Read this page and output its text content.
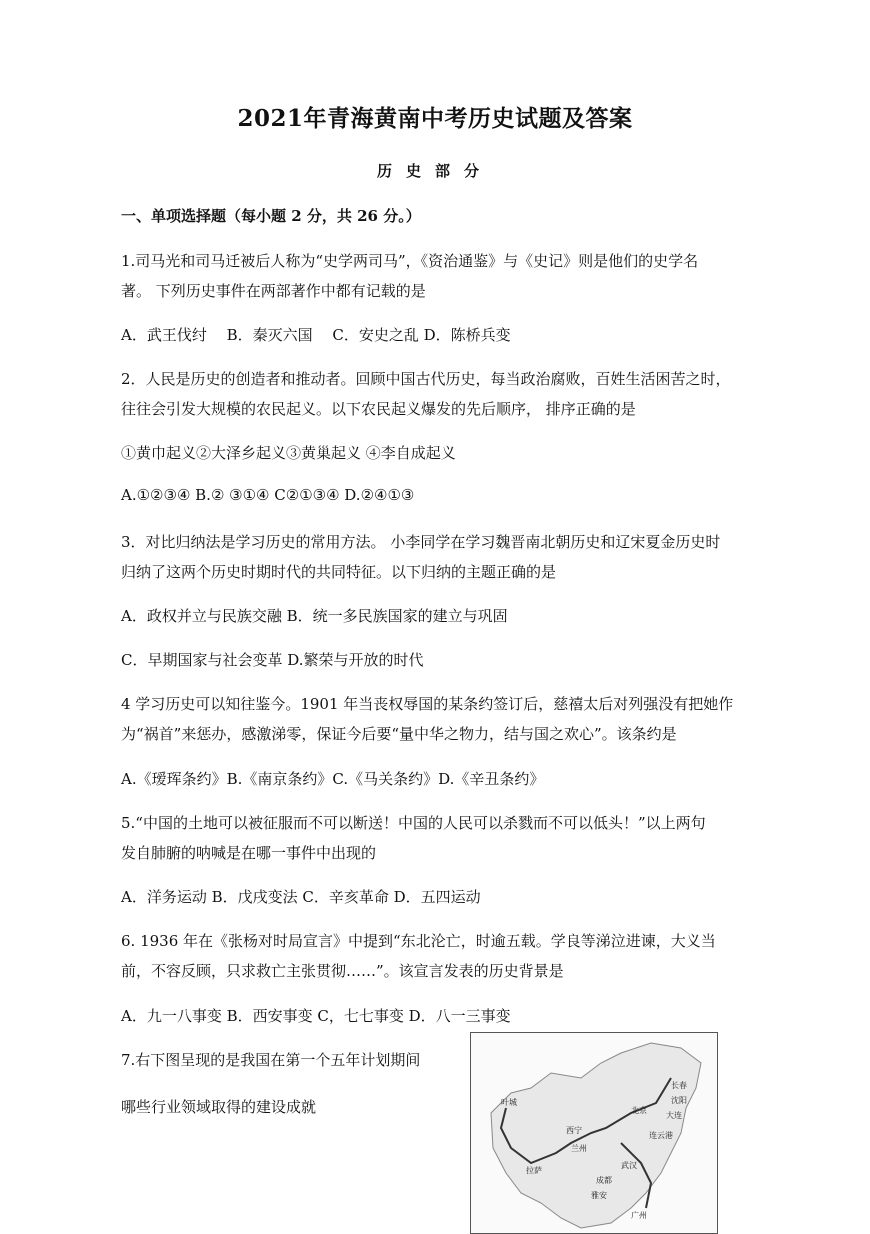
2021年青海黄南中考历史试题及答案
历史部分
一、单项选择题（每小题 2 分，共 26 分。）
1.司马光和司马迁被后人称为“史学两司马”，《资治通鉴》与《史记》则是他们的史学名
著。 下列历史事件在两部著作中都有记载的是
A．武王伐纣　 B．秦灭六国　 C．安史之乱 D．陈桥兵变
2．人民是历史的创造者和推动者。回顾中国古代历史，每当政治腐败，百姓生活困苦之时，
往往会引发大规模的农民起义。以下农民起义爆发的先后顺序， 排序正确的是
①黄巾起义②大泽乡起义③黄巢起义 ④李自成起义
A.①②③④ B.② ③①④ C②①③④ D.②④①③
3．对比归纳法是学习历史的常用方法。 小李同学在学习魏晋南北朝历史和辽宋夏金历史时
归纳了这两个历史时期时代的共同特征。以下归纳的主题正确的是
A．政权并立与民族交融 B．统一多民族国家的建立与巩固
C．早期国家与社会变革 D.繁荣与开放的时代
4 学习历史可以知往鉴今。1901 年当丧权辱国的某条约签订后，慈禧太后对列强没有把她作
为“祸首”来惩办，感激涕零，保证今后要“量中华之物力，结与国之欢心”。该条约是
A.《瑷珲条约》B.《南京条约》C.《马关条约》D.《辛丑条约》
5.“中国的土地可以被征服而不可以断送！中国的人民可以杀戮而不可以低头！”以上两句
发自肺腑的呐喊是在哪一事件中出现的
A．洋务运动 B．戊戌变法 C．辛亥革命 D．五四运动
6. 1936 年在《张杨对时局宣言》中提到“东北沦亡，时逾五载。学良等涕泣进谏，大义当
前，不容反顾，只求救亡主张贯彻……”。该宣言发表的历史背景是
A．九一八事变 B．西安事变 C，七七事变 D．八一三事变
7.右下图呈现的是我国在第一个五年计划期间
哪些行业领域取得的建设成就	叶城
西宁
兰州
拉萨
成都
雅安
武汉
北京
长春
大连
连云港
广州
沈阳
